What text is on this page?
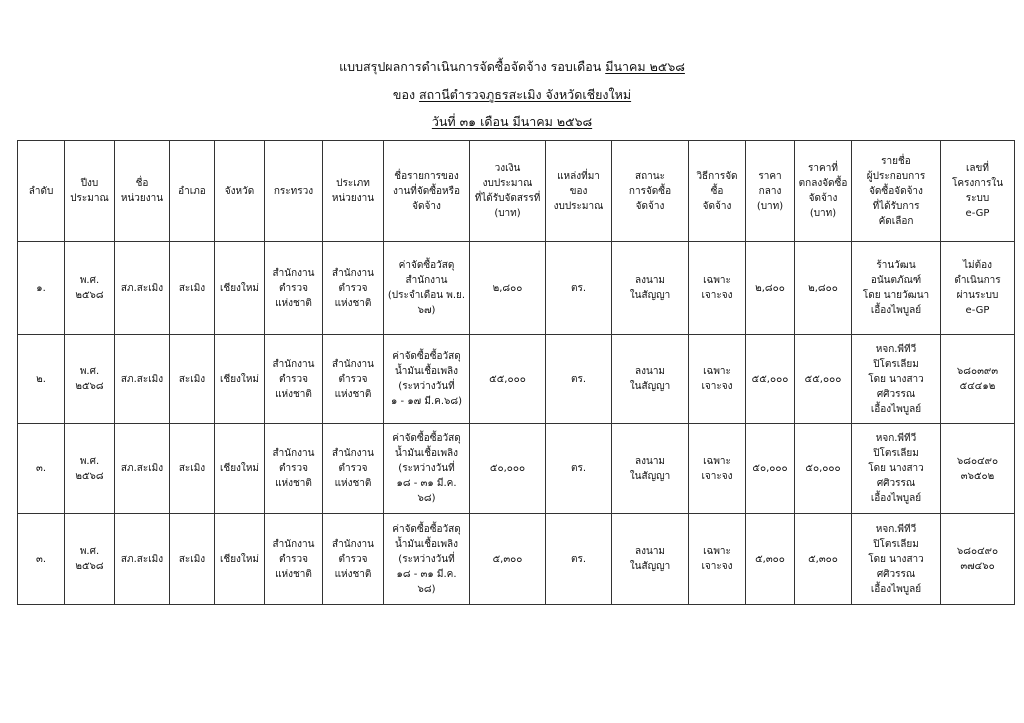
แบบสรุปผลการดำเนินการจัดซื้อจัดจ้าง รอบเดือน มีนาคม ๒๕๖๘
ของ สถานีตำรวจภูธรสะเมิง จังหวัดเชียงใหม่
วันที่ ๓๑ เดือน มีนาคม ๒๕๖๘
ลำดับ	ปีงบ
ประมาณ	ชื่อ
หน่วยงาน	อำเภอ	จังหวัด	กระทรวง	ประเภท
หน่วยงาน	ชื่อรายการของ
งานที่จัดซื้อหรือ
จัดจ้าง	วงเงิน
งบประมาณ
ที่ได้รับจัดสรรที่
(บาท)	แหล่งที่มา
ของ
งบประมาณ	สถานะ
การจัดซื้อ
จัดจ้าง	วิธีการจัด
ซื้อ
จัดจ้าง	ราคา
กลาง
(บาท)	ราคาที่
ตกลงจัดซื้อ
จัดจ้าง
(บาท)	รายชื่อ
ผู้ประกอบการ
จัดซื้อจัดจ้าง
ที่ได้รับการ
คัดเลือก	เลขที่
โครงการใน
ระบบ
e-GP

๑.	พ.ศ.
๒๕๖๘	สภ.สะเมิง	สะเมิง	เชียงใหม่	สำนักงาน
ตำรวจ
แห่งชาติ	สำนักงาน
ตำรวจ
แห่งชาติ	ค่าจัดซื้อวัสดุ
สำนักงาน
(ประจำเดือน พ.ย.
๖๗)	๒,๘๐๐	ตร.	ลงนาม
ในสัญญา	เฉพาะ
เจาะจง	๒,๘๐๐	๒,๘๐๐	ร้านวัฒน
อนันตภัณฑ์
โดย นายวัฒนา
เอื้องไพบูลย์	ไม่ต้อง
ดำเนินการ
ผ่านระบบ
e-GP

๒.	พ.ศ.
๒๕๖๘	สภ.สะเมิง	สะเมิง	เชียงใหม่	สำนักงาน
ตำรวจ
แห่งชาติ	สำนักงาน
ตำรวจ
แห่งชาติ	ค่าจัดซื้อซื้อวัสดุ
น้ำมันเชื้อเพลิง
(ระหว่างวันที่
๑ - ๑๗ มี.ค.๖๘)	๕๕,๐๐๐	ตร.	ลงนาม
ในสัญญา	เฉพาะ
เจาะจง	๕๕,๐๐๐	๕๕,๐๐๐	หจก.พีทีวี
ปิโตรเลียม
โดย นางสาว
ศศิวรรณ
เอื้องไพบูลย์	๖๘๐๓๙๓
๕๔๔๑๒

๓.	พ.ศ.
๒๕๖๘	สภ.สะเมิง	สะเมิง	เชียงใหม่	สำนักงาน
ตำรวจ
แห่งชาติ	สำนักงาน
ตำรวจ
แห่งชาติ	ค่าจัดซื้อซื้อวัสดุ
น้ำมันเชื้อเพลิง
(ระหว่างวันที่
๑๘ - ๓๑ มี.ค.
๖๘)	๕๐,๐๐๐	ตร.	ลงนาม
ในสัญญา	เฉพาะ
เจาะจง	๕๐,๐๐๐	๕๐,๐๐๐	หจก.พีทีวี
ปิโตรเลียม
โดย นางสาว
ศศิวรรณ
เอื้องไพบูลย์	๖๘๐๔๙๐
๓๖๕๐๒

๓.	พ.ศ.
๒๕๖๘	สภ.สะเมิง	สะเมิง	เชียงใหม่	สำนักงาน
ตำรวจ
แห่งชาติ	สำนักงาน
ตำรวจ
แห่งชาติ	ค่าจัดซื้อซื้อวัสดุ
น้ำมันเชื้อเพลิง
(ระหว่างวันที่
๑๘ - ๓๑ มี.ค.
๖๘)	๕,๓๐๐	ตร.	ลงนาม
ในสัญญา	เฉพาะ
เจาะจง	๕,๓๐๐	๕,๓๐๐	หจก.พีทีวี
ปิโตรเลียม
โดย นางสาว
ศศิวรรณ
เอื้องไพบูลย์	๖๘๐๔๙๐
๓๗๔๖๐
